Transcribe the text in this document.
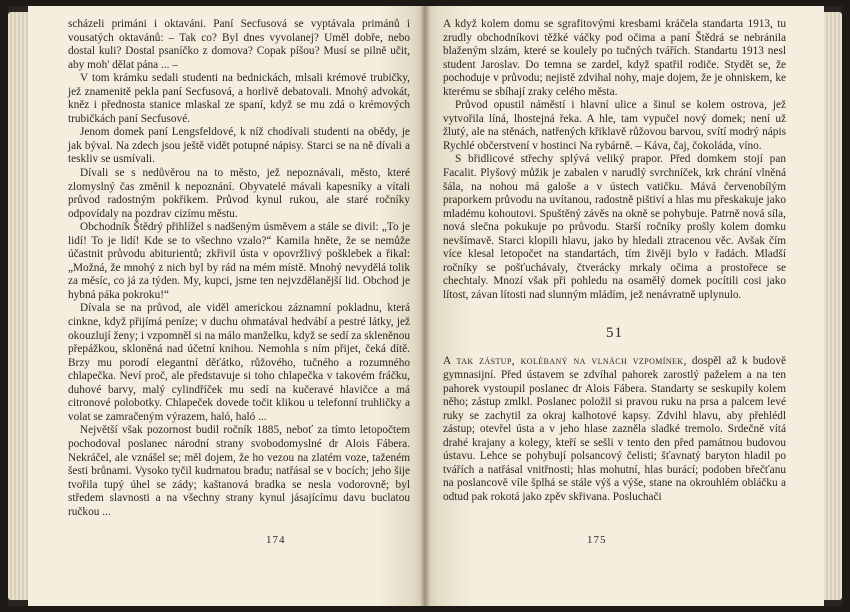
scházeli primáni i oktaváni. Paní Secfusová se vyptávala primánů i vousatých oktavánů: – Tak co? Byl dnes vyvolanej? Uměl dobře, nebo dostal kuli? Dostal psaníčko z domova? Copak píšou? Musí se pilně učit, aby moh' dělat pána ... –

V tom krámku sedali studenti na bednickách, mlsali krémové trubičky, jež znamenitě pekla paní Secfusová, a horlivě debatovali. Mnohý advokát, kněz i přednosta stanice mlaskal ze spaní, když se mu zdá o krémových trubičkách paní Secfusové.

Jenom domek paní Lengsfeldové, k níž chodívali studenti na obědy, je jak býval. Na zdech jsou ještě vidět potupné nápisy. Starci se na ně dívali a teskliv se usmívali.

Dívali se s nedůvěrou na to město, jež nepoznávali, město, které zlomyslný čas změnil k nepoznání. Obyvatelé mávali kapesníky a vítali průvod radostným pokřikem. Průvod kynul rukou, ale staré ročníky odpovídaly na pozdrav cizímu městu.

Obchodník Štědrý přihlížel s nadšeným úsměvem a stále se divil: „To je lidí! To je lidí! Kde se to všechno vzalo?“ Kamila hněte, že se nemůže účastnit průvodu abiturientů; zkřivil ústa v opovržlivý pošklebek a řikal: „Možná, že mnohý z nich byl by rád na mém místě. Mnohý nevydělá tolik za měsíc, co já za týden. My, kupci, jsme ten nejvzdělanější lid. Obchod je hybná páka pokroku!“

Dívala se na průvod, ale viděl americkou záznamní pokladnu, která cinkne, když přijímá peníze; v duchu ohmatával hedvábí a pestré látky, jež okouzlují ženy; i vzpomněl si na málo manželku, když se sedí za skleněnou přepážkou, skloněná nad účetní knihou. Nemohla s ním přijet, čeká dítě. Brzy mu porodí elegantní děťátko, růžového, tučného a rozumného chlapečka. Neví proč, ale představuje si toho chlapečka v takovém fráčku, duhové barvy, malý cylindříček mu sedí na kučeravé hlavičce a má citronové polobotky. Chlapeček dovede točit klikou u telefonní truhličky a volat se zamračeným výrazem, haló, haló ...

Největší však pozornost budil ročník 1885, neboť za tímto letopočtem pochodoval poslanec národní strany svobodomyslné dr Alois Fábera. Nekráčel, ale vznášel se; měl dojem, že ho vezou na zlatém voze, taženém šesti brůnami. Vysoko tyčil kudrnatou bradu; natřásal se v bocích; jeho šije tvořila tupý úhel se zády; kaštanová bradka se nesla vodorovně; byl středem slavnosti a na všechny strany kynul jásajícímu davu buclatou ručkou ...

174

A když kolem domu se sgrafitovými kresbami kráčela standarta 1913, tu zrudly obchodníkovi těžké váčky pod očima a paní Štědrá se nebránila blaženým slzám, které se koulely po tučných tvářích. Standartu 1913 nesl student Jaroslav. Do temna se zardel, když spatřil rodiče. Stydět se, že pochoduje v průvodu; nejistě zdvihal nohy, maje dojem, že je ohniskem, ke kterému se sbíhají zraky celého města.

Průvod opustil náměstí i hlavní ulice a šinul se kolem ostrova, jež vytvořila líná, lhostejná řeka. A hle, tam vypučel nový domek; není už žlutý, ale na stěnách, natřených křiklavě růžovou barvou, svítí modrý nápis Rychlé občerstvení v hostinci Na rybárně. – Káva, čaj, čokoláda, víno.

S břidlicové střechy splývá veliký prapor. Před domkem stojí pan Facalit. Plyšový můžik je zabalen v narudlý svrchníček, krk chrání vlněná šála, na nohou má galoše a v ústech vatičku. Mává červenobílým praporkem průvodu na uvítanou, radostně pištiví a hlas mu přeskakuje jako mladému kohoutovi. Spuštěný závěs na okně se pohybuje. Patrně nová síla, nová slečna pokukuje po průvodu. Starší ročníky prošly kolem domku nevšímavě. Starci klopili hlavu, jako by hledali ztracenou věc. Avšak čím více klesal letopočet na standartách, tím živěji bylo v řadách. Mladší ročníky se pošťuchávaly, čtverácky mrkaly očima a prostořece se chechtaly. Mnozí však při pohledu na osamělý domek pocítili cosi jako lítost, závan lítosti nad slunným mládím, jež nenávratně uplynulo.

51

A tak zástup, kolébaný na vlnách vzpomínek, dospěl až k budově gymnasijní. Před ústavem se zdvíhal pahorek zarostlý paželem a na ten pahorek vystoupil poslanec dr Alois Fábera. Standarty se seskupily kolem něho; zástup zmlkl. Poslanec položil si pravou ruku na prsa a palcem levé ruky se zachytil za okraj kalhotové kapsy. Zdvihl hlavu, aby přehlédl zástup; otevřel ústa a v jeho hlase zazněla sladké tremolo. Srdečně vítá drahé krajany a kolegy, kteří se sešli v tento den před památnou budovou ústavu. Lehce se pohybují polsancový čelisti; šťavnatý baryton hladil po tvářích a natřásal vnitřnosti; hlas mohutní, hlas burácí; podoben břečťanu na poslancově víle šplhá se stále výš a výše, stane na okrouhlém obláčku a odtud pak rokotá jako zpěv skřivana. Posluchači

175
